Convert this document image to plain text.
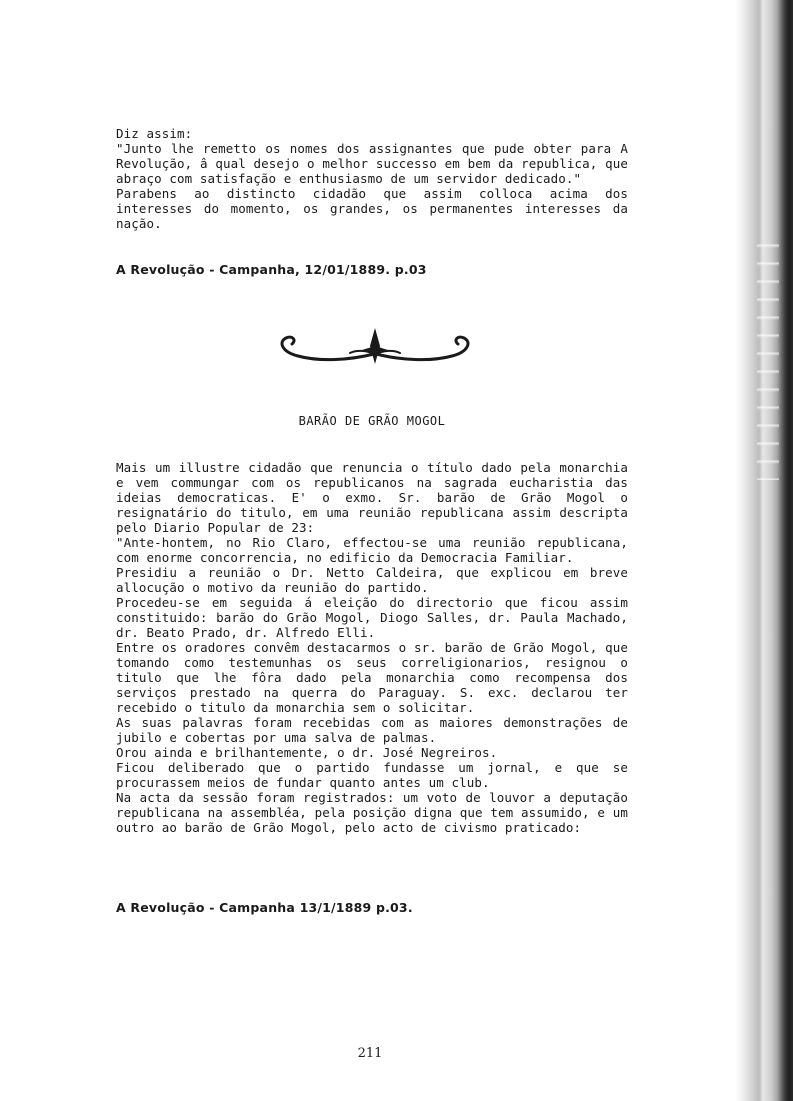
Diz assim:

"Junto lhe remetto os nomes dos assignantes que pude obter para A Revolução, â qual desejo o melhor successo em bem da republica, que abraço com satisfação e enthusiasmo de um servidor dedicado."

Parabens ao distincto cidadão que assim colloca acima dos interesses do momento, os grandes, os permanentes interesses da nação.

A Revolução - Campanha, 12/01/1889. p.03
BARÃO DE GRÃO MOGOL

Mais um illustre cidadão que renuncia o título dado pela monarchia e vem commungar com os republicanos na sagrada eucharistia das ideias democraticas. E' o exmo. Sr. barão de Grão Mogol o resignatário do titulo, em uma reunião republicana assim descripta pelo Diario Popular de 23:

"Ante-hontem, no Rio Claro, effectou-se uma reunião republicana, com enorme concorrencia, no edificio da Democracia Familiar.

Presidiu a reunião o Dr. Netto Caldeira, que explicou em breve allocução o motivo da reunião do partido.

Procedeu-se em seguida á eleição do directorio que ficou assim constituido: barão do Grão Mogol, Diogo Salles, dr. Paula Machado, dr. Beato Prado, dr. Alfredo Elli.

Entre os oradores convêm destacarmos o sr. barão de Grão Mogol, que tomando como testemunhas os seus correligionarios, resignou o titulo que lhe fôra dado pela monarchia como recompensa dos serviços prestado na querra do Paraguay. S. exc. declarou ter recebido o titulo da monarchia sem o solicitar.

As suas palavras foram recebidas com as maiores demonstrações de jubilo e cobertas por uma salva de palmas.

Orou ainda e brilhantemente, o dr. José Negreiros.

Ficou deliberado que o partido fundasse um jornal, e que se procurassem meios de fundar quanto antes um club.

Na acta da sessão foram registrados: um voto de louvor a deputação republicana na assembléa, pela posição digna que tem assumido, e um outro ao barão de Grão Mogol, pelo acto de civismo praticado:

A Revolução - Campanha 13/1/1889 p.03.
211
